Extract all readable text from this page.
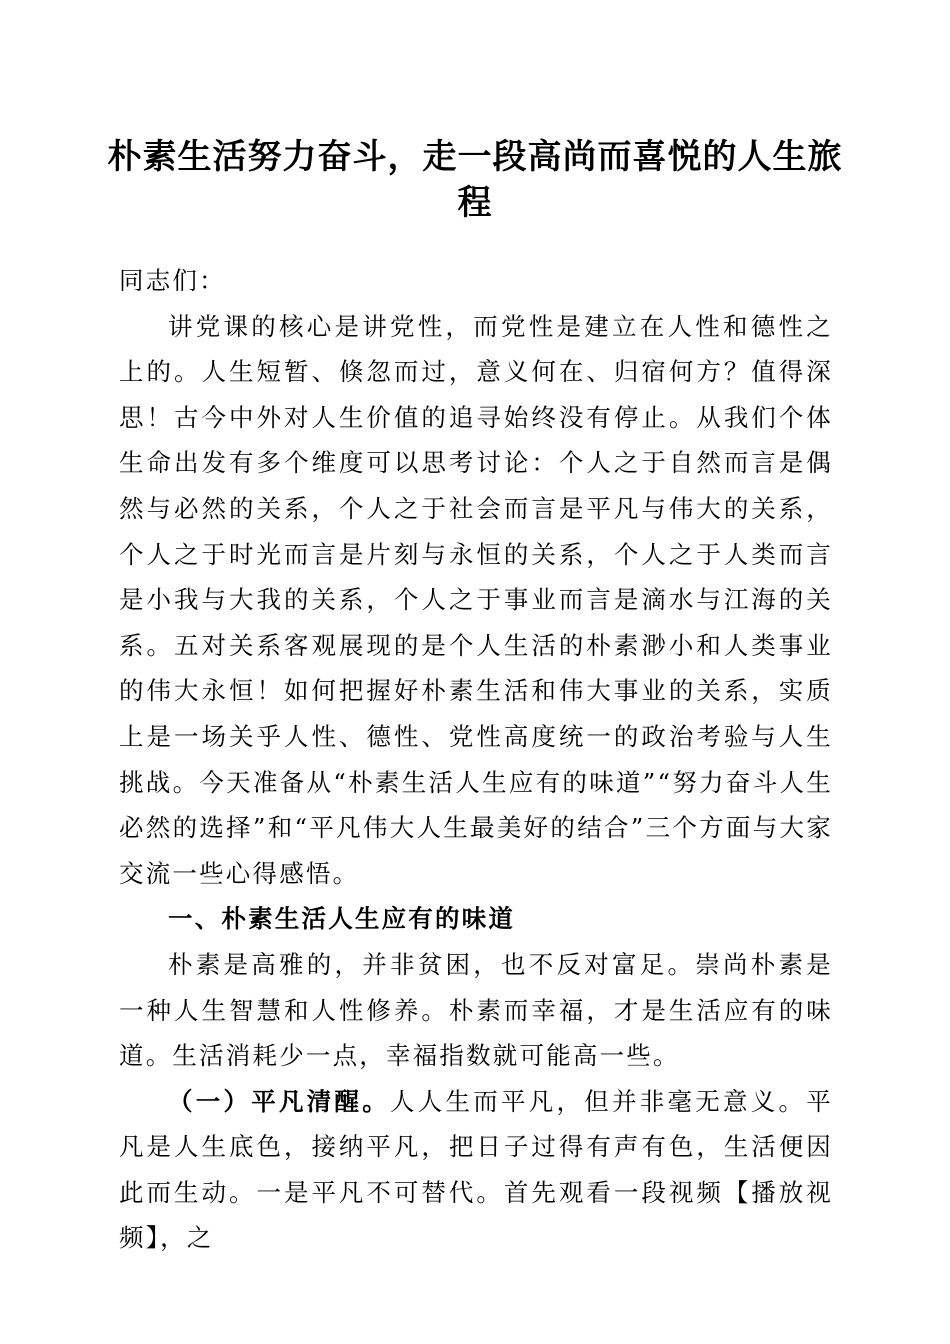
朴素生活努力奋斗，走一段高尚而喜悦的人生旅程

同志们：

讲党课的核心是讲党性，而党性是建立在人性和德性之上的。人生短暂、倏忽而过，意义何在、归宿何方？值得深思！古今中外对人生价值的追寻始终没有停止。从我们个体生命出发有多个维度可以思考讨论：个人之于自然而言是偶然与必然的关系，个人之于社会而言是平凡与伟大的关系，个人之于时光而言是片刻与永恒的关系，个人之于人类而言是小我与大我的关系，个人之于事业而言是滴水与江海的关系。五对关系客观展现的是个人生活的朴素渺小和人类事业的伟大永恒！如何把握好朴素生活和伟大事业的关系，实质上是一场关乎人性、德性、党性高度统一的政治考验与人生挑战。今天准备从“朴素生活人生应有的味道”“努力奋斗人生必然的选择”和“平凡伟大人生最美好的结合”三个方面与大家交流一些心得感悟。

一、朴素生活人生应有的味道

朴素是高雅的，并非贫困，也不反对富足。崇尚朴素是一种人生智慧和人性修养。朴素而幸福，才是生活应有的味道。生活消耗少一点，幸福指数就可能高一些。

（一）平凡清醒。人人生而平凡，但并非毫无意义。平凡是人生底色，接纳平凡，把日子过得有声有色，生活便因此而生动。一是平凡不可替代。首先观看一段视频【播放视频】，之
